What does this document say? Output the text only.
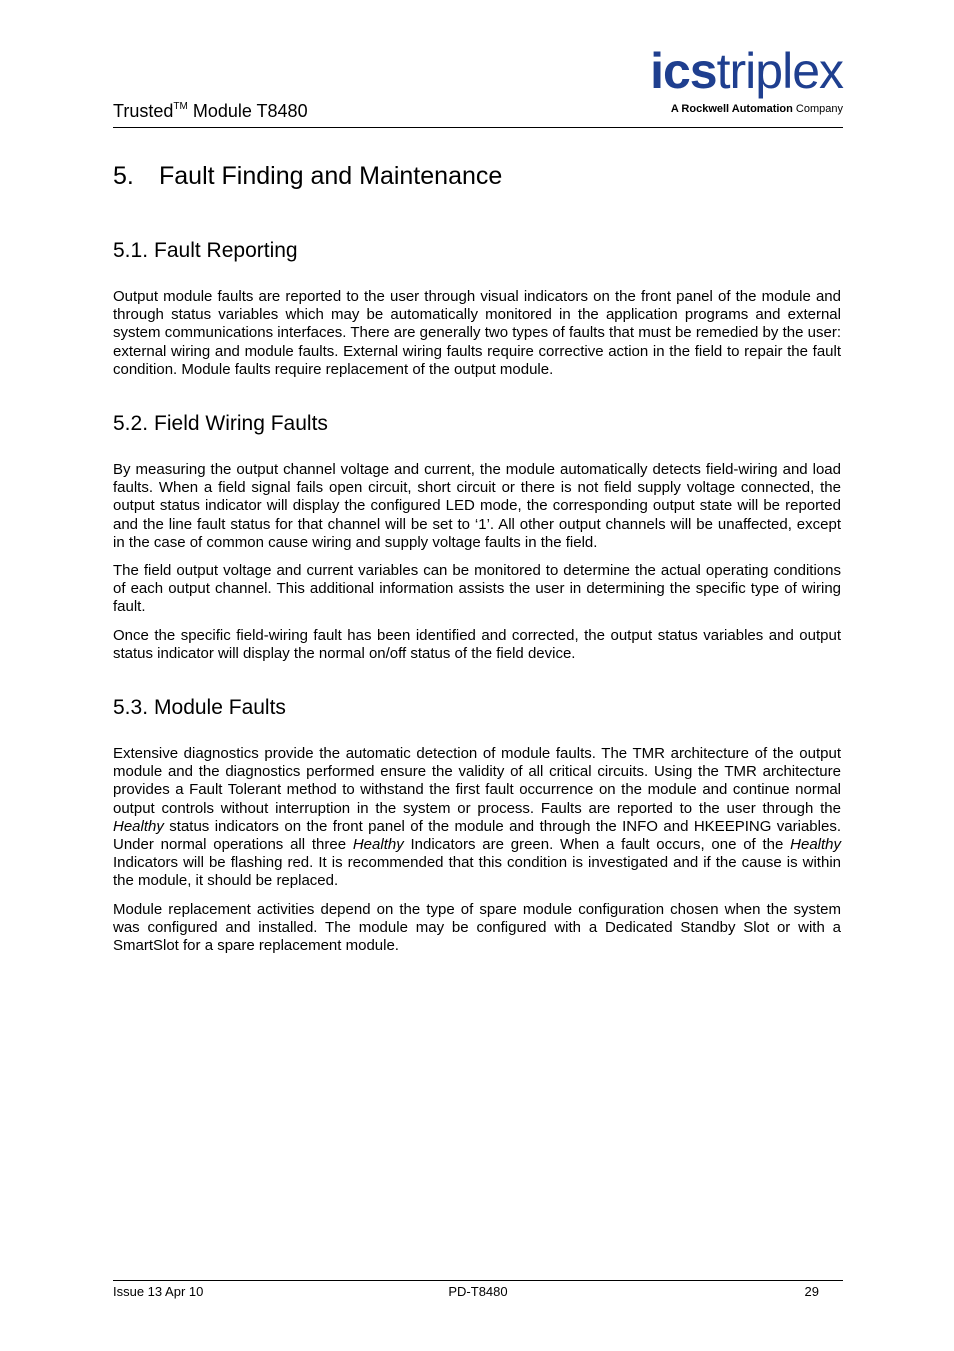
Trusted™ Module T8480
icstriplex
A Rockwell Automation Company
5. Fault Finding and Maintenance
5.1. Fault Reporting

Output module faults are reported to the user through visual indicators on the front panel of the module and through status variables which may be automatically monitored in the application programs and external system communications interfaces. There are generally two types of faults that must be remedied by the user: external wiring and module faults. External wiring faults require corrective action in the field to repair the fault condition. Module faults require replacement of the output module.

5.2. Field Wiring Faults

By measuring the output channel voltage and current, the module automatically detects field-wiring and load faults. When a field signal fails open circuit, short circuit or there is not field supply voltage connected, the output status indicator will display the configured LED mode, the corresponding output state will be reported and the line fault status for that channel will be set to ‘1’. All other output channels will be unaffected, except in the case of common cause wiring and supply voltage faults in the field.

The field output voltage and current variables can be monitored to determine the actual operating conditions of each output channel. This additional information assists the user in determining the specific type of wiring fault.

Once the specific field-wiring fault has been identified and corrected, the output status variables and output status indicator will display the normal on/off status of the field device.

5.3. Module Faults

Extensive diagnostics provide the automatic detection of module faults. The TMR architecture of the output module and the diagnostics performed ensure the validity of all critical circuits. Using the TMR architecture provides a Fault Tolerant method to withstand the first fault occurrence on the module and continue normal output controls without interruption in the system or process. Faults are reported to the user through the Healthy status indicators on the front panel of the module and through the INFO and HKEEPING variables. Under normal operations all three Healthy Indicators are green. When a fault occurs, one of the Healthy Indicators will be flashing red. It is recommended that this condition is investigated and if the cause is within the module, it should be replaced.

Module replacement activities depend on the type of spare module configuration chosen when the system was configured and installed. The module may be configured with a Dedicated Standby Slot or with a SmartSlot for a spare replacement module.

Issue 13 Apr 10	PD-T8480	29
